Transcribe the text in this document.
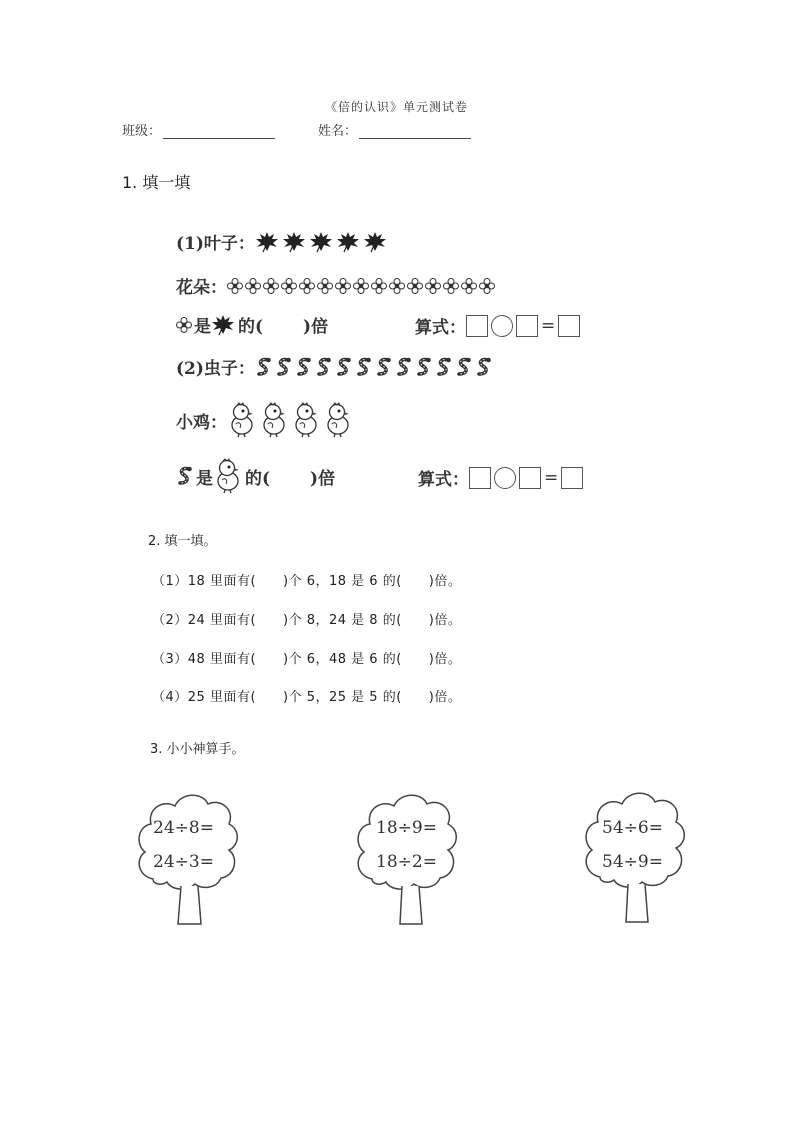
《倍的认识》单元测试卷
班级：	姓名：
1. 填一填
(1)叶子：
花朵：
是 的( )倍	算式：	=
(2)虫子：
小鸡：
是 的( )倍	算式：	=
2. 填一填。
（1）18 里面有(　　)个 6，18 是 6 的(　　)倍。
（2）24 里面有(　　)个 8，24 是 8 的(　　)倍。
（3）48 里面有(　　)个 6，48 是 6 的(　　)倍。
（4）25 里面有(　　)个 5，25 是 5 的(　　)倍。
3. 小小神算手。
24÷8=
24÷3=
18÷9=
18÷2=
54÷6=
54÷9=
